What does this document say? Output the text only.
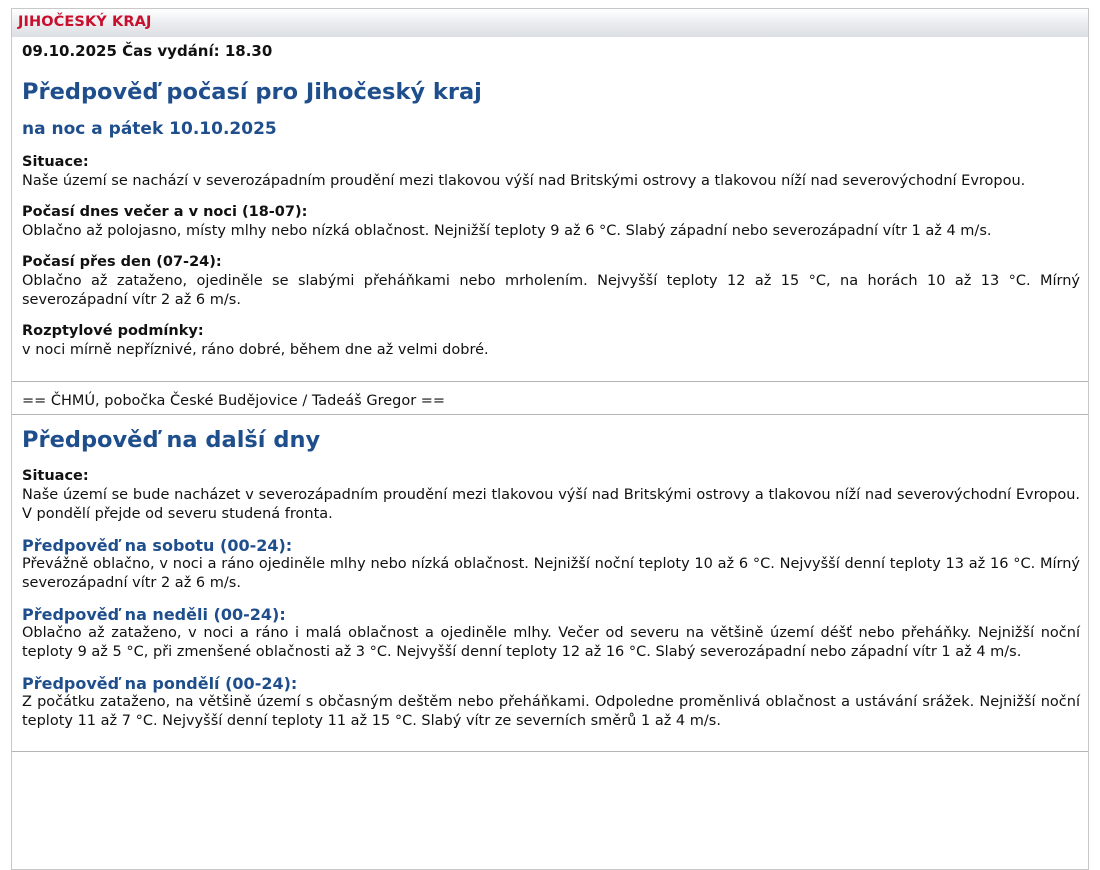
JIHOČESKÝ KRAJ
09.10.2025 Čas vydání: 18.30
Předpověď počasí pro Jihočeský kraj
na noc a pátek 10.10.2025
Situace:
Naše území se nachází v severozápadním proudění mezi tlakovou výší nad Britskými ostrovy a tlakovou níží nad severovýchodní Evropou.
Počasí dnes večer a v noci (18-07):
Oblačno až polojasno, místy mlhy nebo nízká oblačnost. Nejnižší teploty 9 až 6 °C. Slabý západní nebo severozápadní vítr 1 až 4 m/s.
Počasí přes den (07-24):
Oblačno až zataženo, ojediněle se slabými přeháňkami nebo mrholením. Nejvyšší teploty 12 až 15 °C, na horách 10 až 13 °C. Mírný severozápadní vítr 2 až 6 m/s.
Rozptylové podmínky:
v noci mírně nepříznivé, ráno dobré, během dne až velmi dobré.
== ČHMÚ, pobočka České Budějovice / Tadeáš Gregor ==
Předpověď na další dny
Situace:
Naše území se bude nacházet v severozápadním proudění mezi tlakovou výší nad Britskými ostrovy a tlakovou níží nad severovýchodní Evropou. V pondělí přejde od severu studená fronta.
Předpověď na sobotu (00-24):
Převážně oblačno, v noci a ráno ojediněle mlhy nebo nízká oblačnost. Nejnižší noční teploty 10 až 6 °C. Nejvyšší denní teploty 13 až 16 °C. Mírný severozápadní vítr 2 až 6 m/s.
Předpověď na neděli (00-24):
Oblačno až zataženo, v noci a ráno i malá oblačnost a ojediněle mlhy. Večer od severu na většině území déšť nebo přeháňky. Nejnižší noční teploty 9 až 5 °C, při zmenšené oblačnosti až 3 °C. Nejvyšší denní teploty 12 až 16 °C. Slabý severozápadní nebo západní vítr 1 až 4 m/s.
Předpověď na pondělí (00-24):
Z počátku zataženo, na většině území s občasným deštěm nebo přeháňkami. Odpoledne proměnlivá oblačnost a ustávání srážek. Nejnižší noční teploty 11 až 7 °C. Nejvyšší denní teploty 11 až 15 °C. Slabý vítr ze severních směrů 1 až 4 m/s.
